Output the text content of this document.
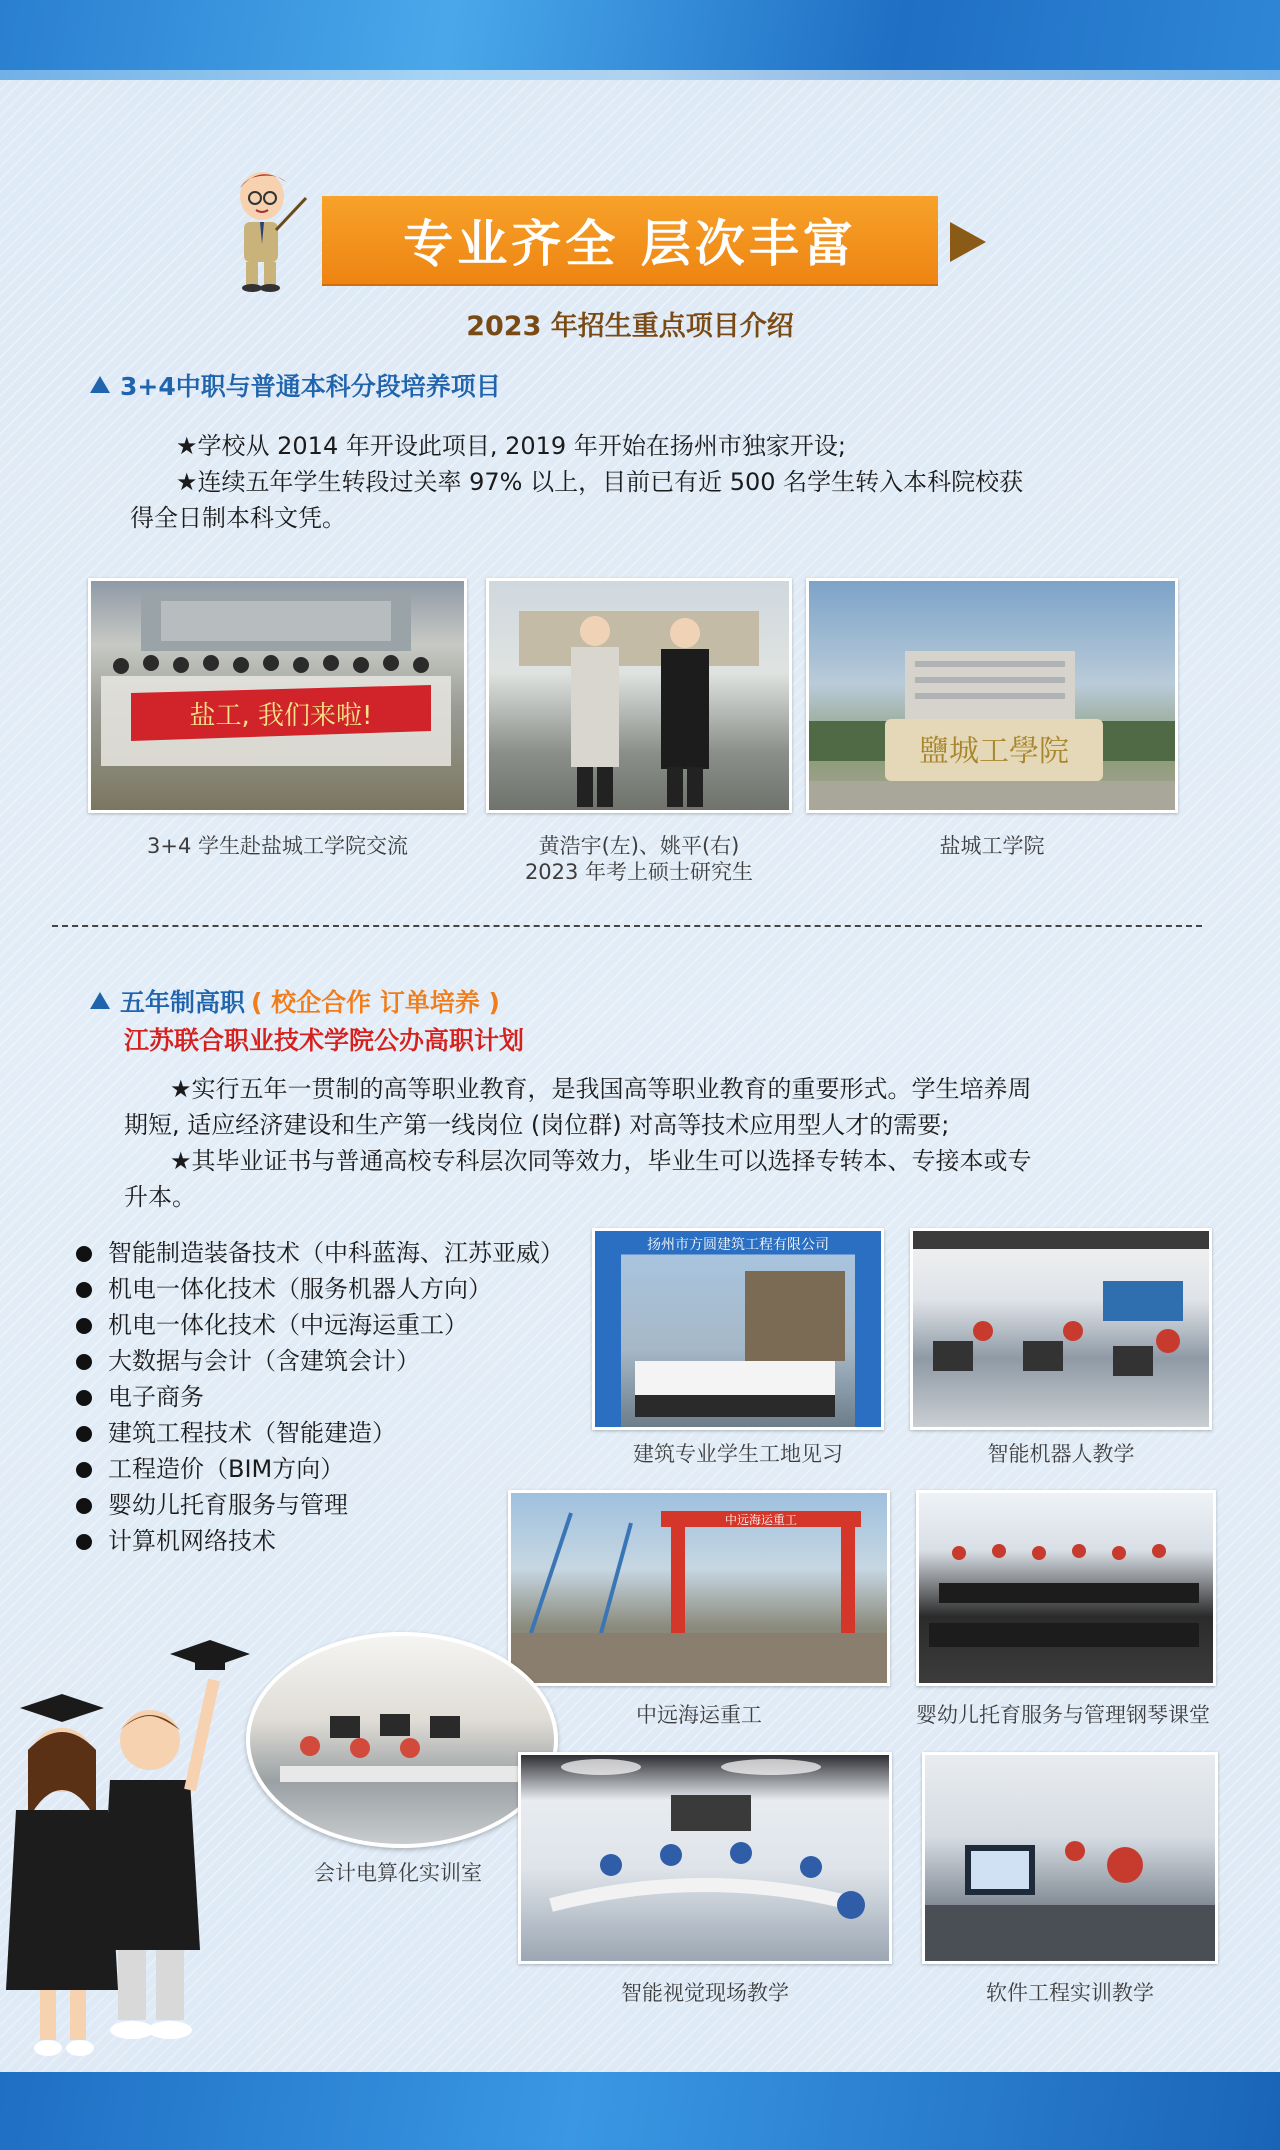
专业齐全 层次丰富
2023 年招生重点项目介绍
3+4中职与普通本科分段培养项目
★学校从 2014 年开设此项目, 2019 年开始在扬州市独家开设;
★连续五年学生转段过关率 97% 以上，目前已有近 500 名学生转入本科院校获
得全日制本科文凭。
盐工, 我们来啦!
3+4 学生赴盐城工学院交流	黄浩宇(左)、姚平(右)
2023 年考上硕士研究生
鹽城工學院
盐城工学院
五年制高职 ( 校企合作 订单培养 )
江苏联合职业技术学院公办高职计划
★实行五年一贯制的高等职业教育，是我国高等职业教育的重要形式。学生培养周
期短, 适应经济建设和生产第一线岗位 (岗位群) 对高等技术应用型人才的需要;
★其毕业证书与普通高校专科层次同等效力，毕业生可以选择专转本、专接本或专
升本。
智能制造装备技术（中科蓝海、江苏亚威）
机电一体化技术（服务机器人方向）
机电一体化技术（中远海运重工）
大数据与会计（含建筑会计）
电子商务
建筑工程技术（智能建造）
工程造价（BIM方向）
婴幼儿托育服务与管理
计算机网络技术
扬州市方圆建筑工程有限公司
建筑专业学生工地见习	智能机器人教学
中远海运重工
中远海运重工	婴幼儿托育服务与管理钢琴课堂
会计电算化实训室
智能视觉现场教学	软件工程实训教学
